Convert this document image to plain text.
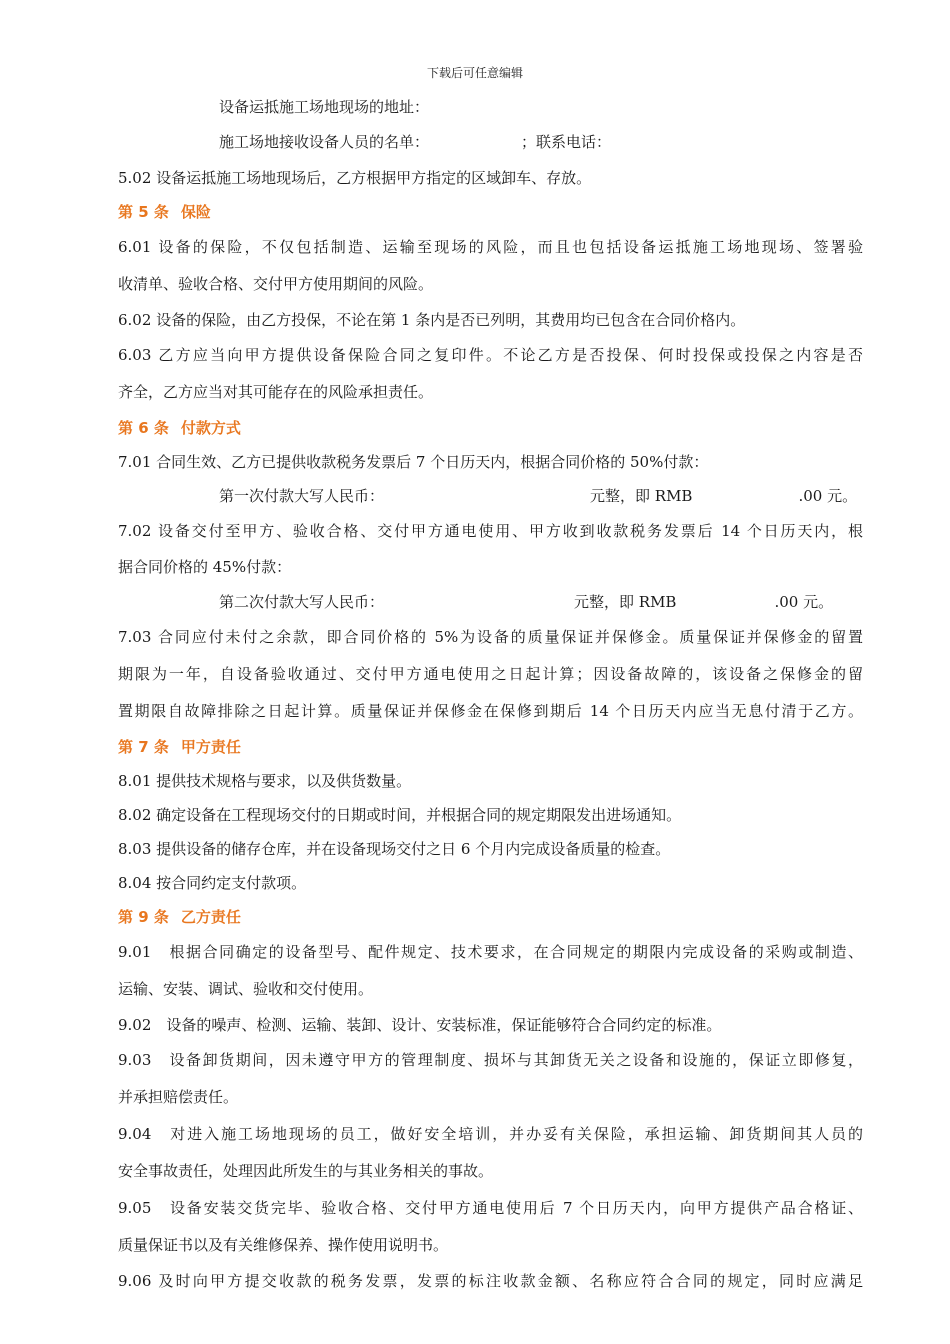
下载后可任意编辑
设备运抵施工场地现场的地址：
施工场地接收设备人员的名单：	；联系电话：
5.02 设备运抵施工场地现场后，乙方根据甲方指定的区域卸车、存放。
第 5 条 保险
6.01 设备的保险，不仅包括制造、运输至现场的风险，而且也包括设备运抵施工场地现场、签署验
收清单、验收合格、交付甲方使用期间的风险。
6.02 设备的保险，由乙方投保，不论在第 1 条内是否已列明，其费用均已包含在合同价格内。
6.03 乙方应当向甲方提供设备保险合同之复印件。不论乙方是否投保、何时投保或投保之内容是否
齐全，乙方应当对其可能存在的风险承担责任。
第 6 条 付款方式
7.01 合同生效、乙方已提供收款税务发票后 7 个日历天内，根据合同价格的 50%付款：
第一次付款大写人民币：	元整，即 RMB	.00 元。
7.02 设备交付至甲方、验收合格、交付甲方通电使用、甲方收到收款税务发票后 14 个日历天内，根
据合同价格的 45%付款：
第二次付款大写人民币：	元整，即 RMB	.00 元。
7.03 合同应付未付之余款，即合同价格的 5%为设备的质量保证并保修金。质量保证并保修金的留置
期限为一年，自设备验收通过、交付甲方通电使用之日起计算；因设备故障的，该设备之保修金的留
置期限自故障排除之日起计算。质量保证并保修金在保修到期后 14 个日历天内应当无息付清于乙方。
第 7 条 甲方责任
8.01 提供技术规格与要求，以及供货数量。
8.02 确定设备在工程现场交付的日期或时间，并根据合同的规定期限发出进场通知。
8.03 提供设备的储存仓库，并在设备现场交付之日 6 个月内完成设备质量的检查。
8.04 按合同约定支付款项。
第 9 条 乙方责任
9.01　根据合同确定的设备型号、配件规定、技术要求，在合同规定的期限内完成设备的采购或制造、
运输、安装、调试、验收和交付使用。
9.02　设备的噪声、检测、运输、装卸、设计、安装标准，保证能够符合合同约定的标准。
9.03　设备卸货期间，因未遵守甲方的管理制度、损坏与其卸货无关之设备和设施的，保证立即修复，
并承担赔偿责任。
9.04　对进入施工场地现场的员工，做好安全培训，并办妥有关保险，承担运输、卸货期间其人员的
安全事故责任，处理因此所发生的与其业务相关的事故。
9.05　设备安装交货完毕、验收合格、交付甲方通电使用后 7 个日历天内，向甲方提供产品合格证、
质量保证书以及有关维修保养、操作使用说明书。
9.06 及时向甲方提交收款的税务发票，发票的标注收款金额、名称应符合合同的规定，同时应满足
